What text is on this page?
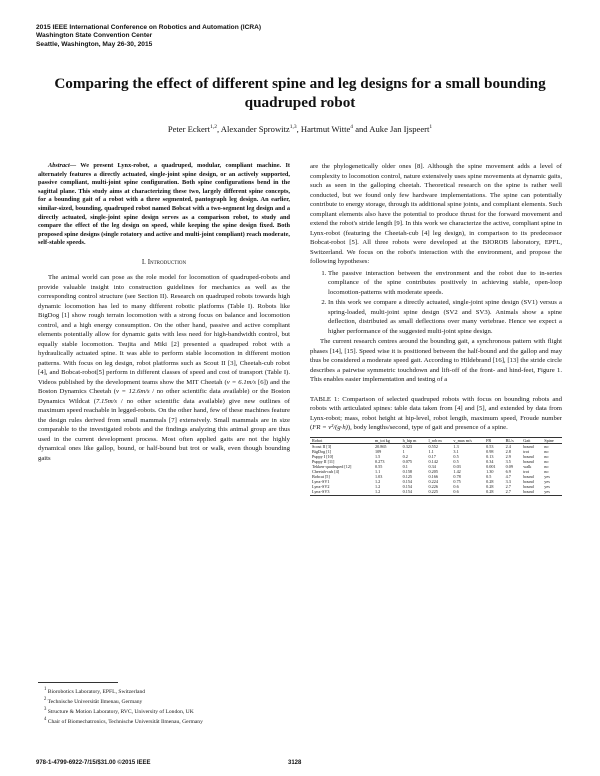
2015 IEEE International Conference on Robotics and Automation (ICRA)
Washington State Convention Center
Seattle, Washington, May 26-30, 2015
Comparing the effect of different spine and leg designs for a small bounding quadruped robot
Peter Eckert$^{1,2}$, Alexander Sprowitz$^{1,3}$, Hartmut Witte$^4$ and Auke Jan Ijspeert$^1$

Abstract— We present Lynx-robot, a quadruped, modular, compliant machine. It alternately features a directly actuated, single-joint spine design, or an actively supported, passive compliant, multi-joint spine configuration. Both spine configurations bend in the sagittal plane. This study aims at characterizing these two, largely different spine concepts, for a bounding gait of a robot with a three segmented, pantograph leg design. An earlier, similar-sized, bounding, quadruped robot named Bobcat with a two-segment leg design and a directly actuated, single-joint spine design serves as a comparison robot, to study and compare the effect of the leg design on speed, while keeping the spine design fixed. Both proposed spine designs (single rotatory and active and multi-joint compliant) reach moderate, self-stable speeds.

I. Introduction

The animal world can pose as the role model for locomotion of quadruped-robots and provide valuable insight into construction guidelines for mechanics as well as the corresponding control structure (see Section II). Research on quadruped robots towards high dynamic locomotion has led to many different robotic platforms (Table I). Robots like BigDog [1] show rough terrain locomotion with a strong focus on balance and locomotion control, and a high energy consumption. On the other hand, passive and active compliant elements potentially allow for dynamic gaits with less need for high-bandwidth control, but equally stable locomotion. Tsujita and Miki [2] presented a quadruped robot with a hydraulically actuated spine. It was able to perform stable locomotion in different motion patterns. With focus on leg design, robot platforms such as Scout II [3], Cheetah-cub robot [4], and Bobcat-robot[5] perform in different classes of speed and cost of transport (Table I). Videos published by the development teams show the MIT Cheetah (v = 6.1m/s [6]) and the Boston Dynamics Cheetah (v = 12.6m/s / no other scientific data available) or the Boston Dynamics Wildcat (7.15m/s / no other scientific data available) give new outlines of maximum speed reachable in legged-robots. On the other hand, few of these machines feature the design rules derived from small mammals [7] extensively. Small mammals are in size comparable to the investigated robots and the findings analyzing this animal group are thus used in the current development process. Most often applied gaits are not the highly dynamical ones like gallop, bound, or half-bound but trot or walk, even though bounding gaits

$^1$ Biorobotics Laboratory, EPFL, Switzerland
$^2$ Technische Universität Ilmenau, Germany
$^3$ Structure & Motion Laboratory, RVC, University of London, UK
$^4$ Chair of Biomechatronics, Technische Universität Ilmenau, Germany

are the phylogenetically older ones [8]. Although the spine movement adds a level of complexity to locomotion control, nature extensively uses spine movements at dynamic gaits, such as seen in the galloping cheetah. Theoretical research on the spine is rather well conducted, but we found only few hardware implementations. The spine can potentially contribute to energy storage, through its additional spine joints, and compliant elements. Such compliant elements also have the potential to produce thrust for the forward movement and extend the robot's stride length [9]. In this work we characterize the active, compliant spine in Lynx-robot (featuring the Cheetah-cub [4] leg design), in comparison to its predecessor Bobcat-robot [5]. All three robots were developed at the BIOROB laboratory, EPFL, Switzerland. We focus on the robot's interaction with the environment, and propose the following hypotheses:

1. The passive interaction between the environment and the robot due to in-series compliance of the spine contributes positively in achieving stable, open-loop locomotion-patterns with moderate speeds.
2. In this work we compare a directly actuated, single-joint spine design (SV1) versus a spring-loaded, multi-joint spine design (SV2 and SV3). Animals show a spine deflection, distributed as small deflections over many vertebrae. Hence we expect a higher performance of the suggested multi-joint spine design.

The current research centres around the bounding gait, a synchronous pattern with flight phases [14], [15]. Speed wise it is positioned between the half-bound and the gallop and may thus be considered a moderate speed gait. According to Hildebrand [16], [13] the stride circle describes a pairwise symmetric touchdown and lift-off of the front- and hind-feet, Figure 1. This enables easier implementation and testing of a

TABLE 1: Comparison of selected quadruped robots with focus on bounding robots and robots with articulated spines: table data taken from [4] and [5], and extended by data from Lynx-robot; mass, robot height at hip-level, robot length, maximum speed, Froude number (FR = v²/(g·h)), body lengths/second, type of gait and presence of a spine.

Robot	m_tot kg	h_hip m	l_rob m	v_max m/s	FR	BL/s	Gait	Spine
Scout II [3]	20.865	0.323	0.552	1.3	0.53	2.4	bound	no
BigDog [1]	109	1	1.1	3.1	0.98	2.8	trot	no
Puppy I [10]	1.5	0.2	0.17	0.5	0.13	2.9	bound	no
Puppy II [11]	0.273	0.075	0.142	0.5	0.34	3.5	bound	no
Tekken-quadruped [12]	0.55	0.1	0.34	0.03	0.001	0.09	walk	no
Cheetah-cub [4]	1.1	0.158	0.205	1.42	1.30	6.9	trot	no
Bobcat [5]	1.03	0.125	0.166	0.78	0.5	4.7	bound	yes
Lynx-SV1	1.2	0.154	0.224	0.75	0.28	3.3	bound	yes
Lynx-SV2	1.2	0.154	0.226	0.6	0.28	2.7	bound	yes
Lynx-SV3	1.2	0.154	0.225	0.6	0.28	2.7	bound	yes
978-1-4799-6922-7/15/$31.00 ©2015 IEEE	3128
